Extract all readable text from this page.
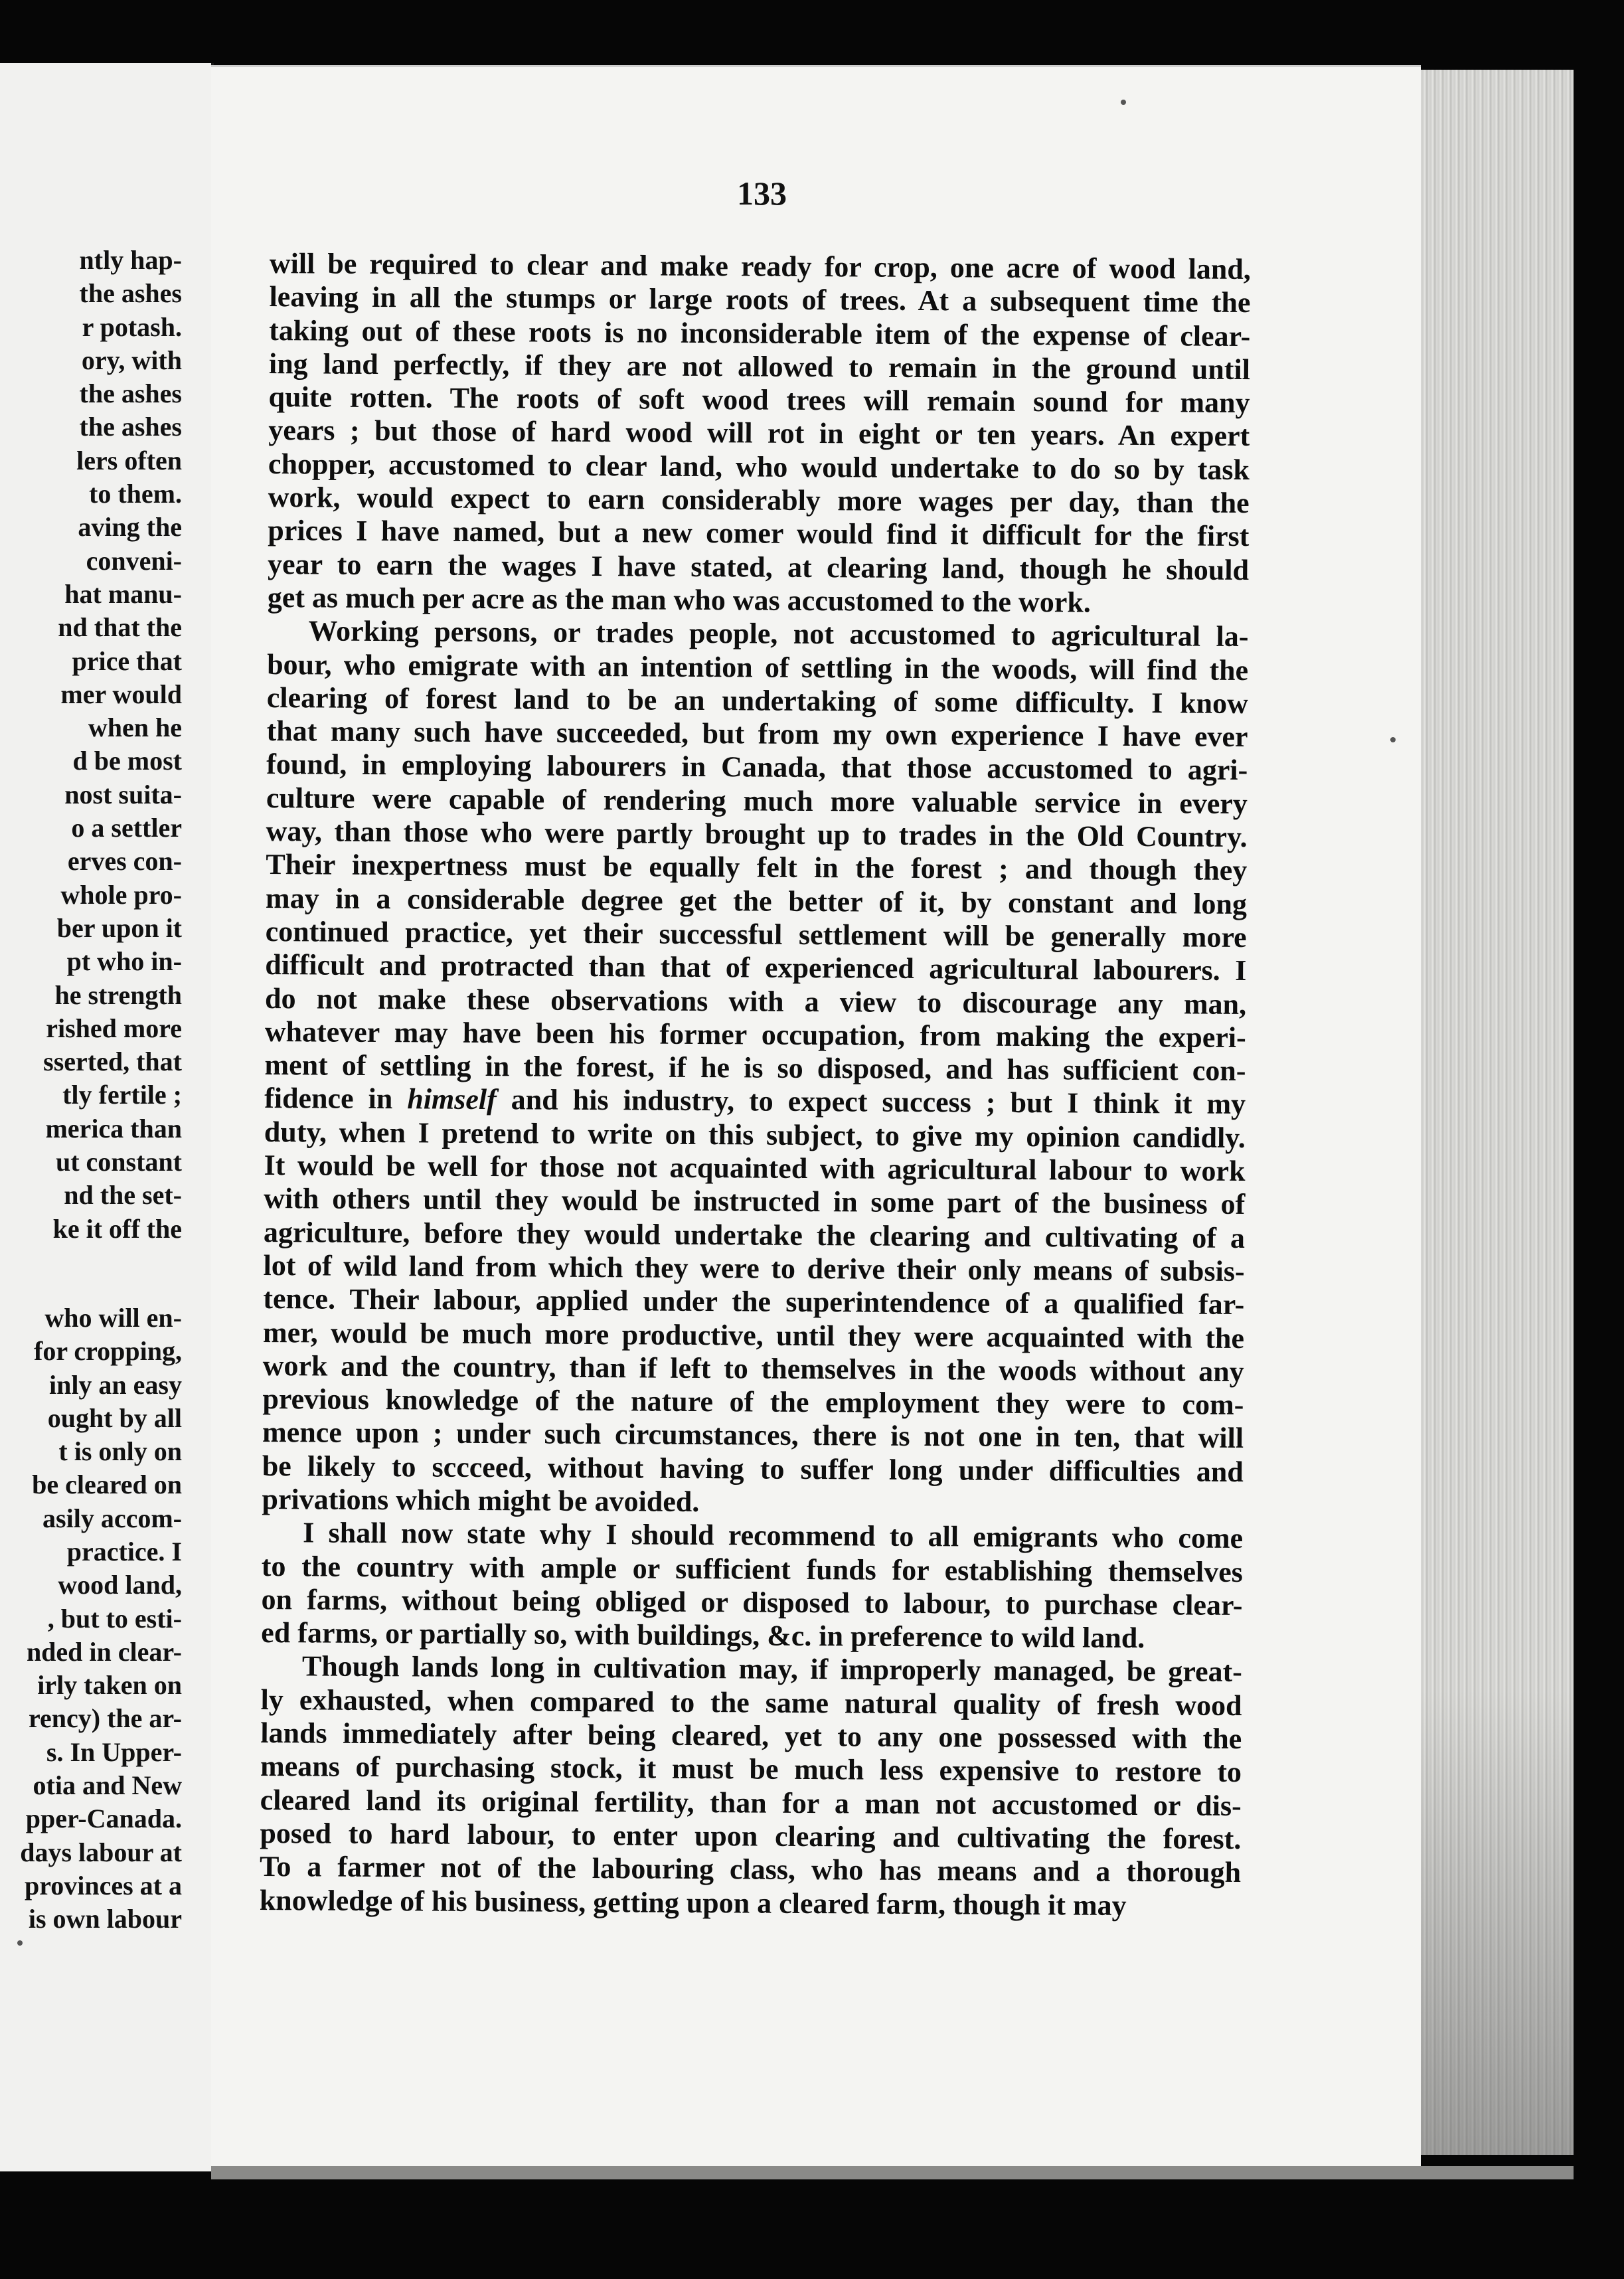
ntly hap-
the ashes
r potash.
ory, with
the ashes
the ashes
lers often
to them.
aving the
conveni-
hat manu-
nd that the
price that
mer would
when he
d be most
nost suita-
o a settler
erves con-
whole pro-
ber upon it
pt who in-
he strength
rished more
sserted, that
tly fertile ;
merica than
ut constant
nd the set-
ke it off the
who will en-
for cropping,
inly an easy
ought by all
t is only on
be cleared on
asily accom-
practice. I
wood land,
, but to esti-
nded in clear-
irly taken on
rency) the ar-
s. In Upper-
otia and New
pper-Canada.
days labour at
provinces at a
is own labour
133
will be required to clear and make ready for crop, one acre of wood land,
leaving in all the stumps or large roots of trees. At a subsequent time the
taking out of these roots is no inconsiderable item of the expense of clear-
ing land perfectly, if they are not allowed to remain in the ground until
quite rotten. The roots of soft wood trees will remain sound for many
years ; but those of hard wood will rot in eight or ten years. An expert
chopper, accustomed to clear land, who would undertake to do so by task
work, would expect to earn considerably more wages per day, than the
prices I have named, but a new comer would find it difficult for the first
year to earn the wages I have stated, at clearing land, though he should
get as much per acre as the man who was accustomed to the work.
Working persons, or trades people, not accustomed to agricultural la-
bour, who emigrate with an intention of settling in the woods, will find the
clearing of forest land to be an undertaking of some difficulty. I know
that many such have succeeded, but from my own experience I have ever
found, in employing labourers in Canada, that those accustomed to agri-
culture were capable of rendering much more valuable service in every
way, than those who were partly brought up to trades in the Old Country.
Their inexpertness must be equally felt in the forest ; and though they
may in a considerable degree get the better of it, by constant and long
continued practice, yet their successful settlement will be generally more
difficult and protracted than that of experienced agricultural labourers. I
do not make these observations with a view to discourage any man,
whatever may have been his former occupation, from making the experi-
ment of settling in the forest, if he is so disposed, and has sufficient con-
fidence in himself and his industry, to expect success ; but I think it my
duty, when I pretend to write on this subject, to give my opinion candidly.
It would be well for those not acquainted with agricultural labour to work
with others until they would be instructed in some part of the business of
agriculture, before they would undertake the clearing and cultivating of a
lot of wild land from which they were to derive their only means of subsis-
tence. Their labour, applied under the superintendence of a qualified far-
mer, would be much more productive, until they were acquainted with the
work and the country, than if left to themselves in the woods without any
previous knowledge of the nature of the employment they were to com-
mence upon ; under such circumstances, there is not one in ten, that will
be likely to sccceed, without having to suffer long under difficulties and
privations which might be avoided.
I shall now state why I should recommend to all emigrants who come
to the country with ample or sufficient funds for establishing themselves
on farms, without being obliged or disposed to labour, to purchase clear-
ed farms, or partially so, with buildings, &c. in preference to wild land.
Though lands long in cultivation may, if improperly managed, be great-
ly exhausted, when compared to the same natural quality of fresh wood
lands immediately after being cleared, yet to any one possessed with the
means of purchasing stock, it must be much less expensive to restore to
cleared land its original fertility, than for a man not accustomed or dis-
posed to hard labour, to enter upon clearing and cultivating the forest.
To a farmer not of the labouring class, who has means and a thorough
knowledge of his business, getting upon a cleared farm, though it may
